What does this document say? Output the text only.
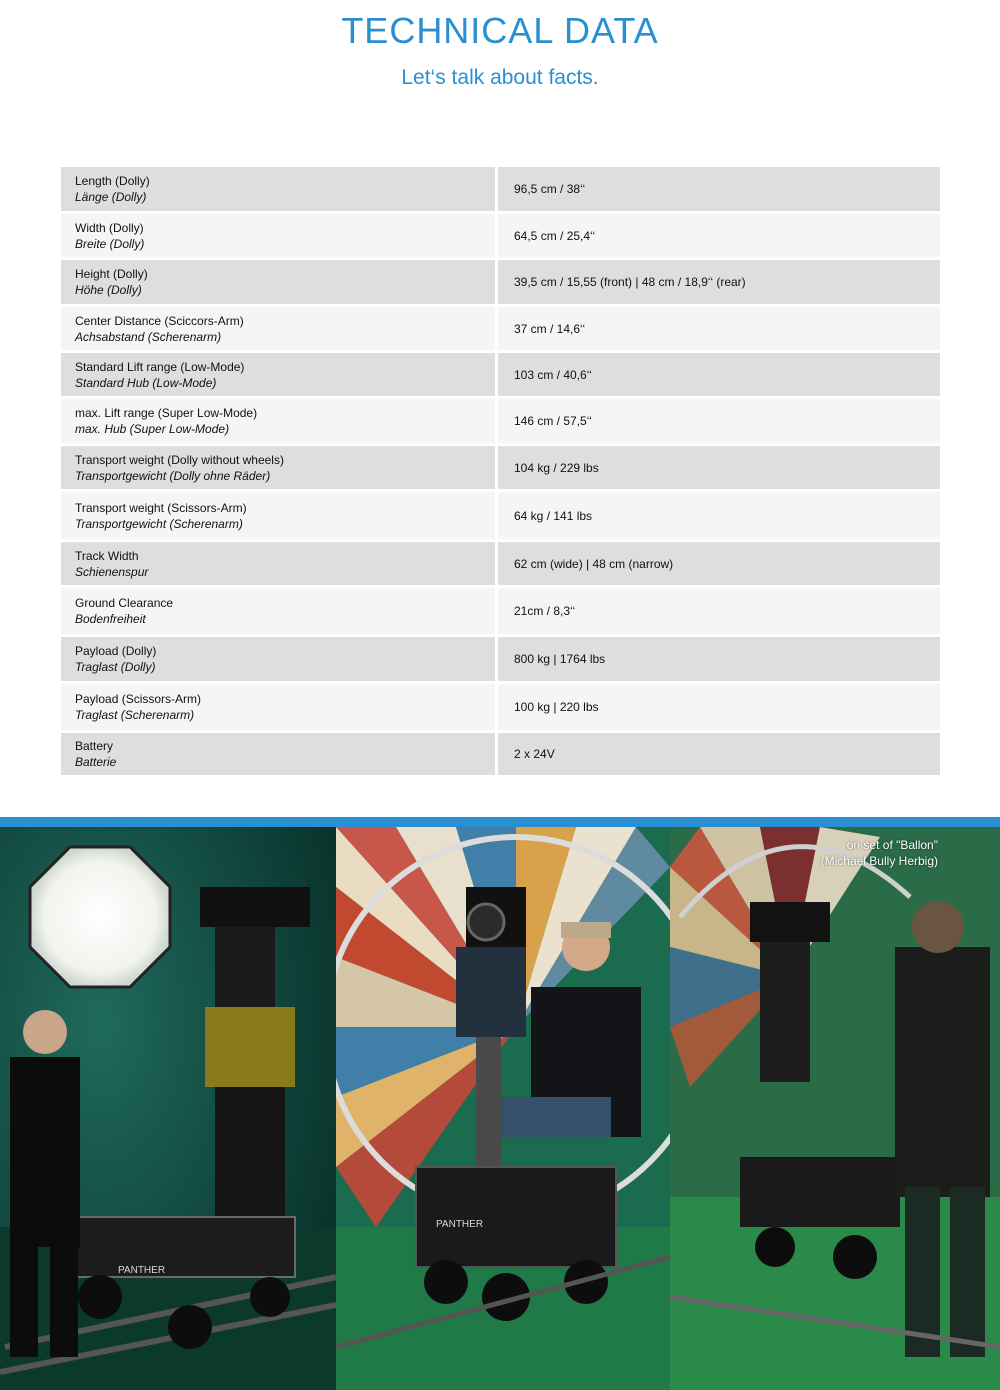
TECHNICAL DATA
Let‘s talk about facts.
Length (Dolly)
Länge (Dolly)
96,5 cm / 38‘‘
Width (Dolly)
Breite (Dolly)
64,5 cm / 25,4‘‘
Height (Dolly)
Höhe (Dolly)
39,5 cm / 15,55 (front) | 48 cm / 18,9‘‘ (rear)
Center Distance (Sciccors-Arm)
Achsabstand (Scherenarm)
37 cm / 14,6‘‘
Standard Lift range (Low-Mode)
Standard Hub (Low-Mode)
103 cm / 40,6‘‘
max. Lift range (Super Low-Mode)
max. Hub (Super Low-Mode)
146 cm / 57,5‘‘
Transport weight (Dolly without wheels)
Transportgewicht (Dolly ohne Räder)
104 kg / 229 lbs
Transport weight (Scissors-Arm)
Transportgewicht (Scherenarm)
64 kg / 141 lbs
Track Width
Schienenspur
62 cm (wide) | 48 cm (narrow)
Ground Clearance
Bodenfreiheit
21cm / 8,3‘‘
Payload (Dolly)
Traglast (Dolly)
800 kg | 1764 lbs
Payload (Scissors-Arm)
Traglast (Scherenarm)
100 kg | 220 lbs
Battery
Batterie
2 x 24V
PANTHER
PANTHER
on set of "Ballon"
(Michael Bully Herbig)
